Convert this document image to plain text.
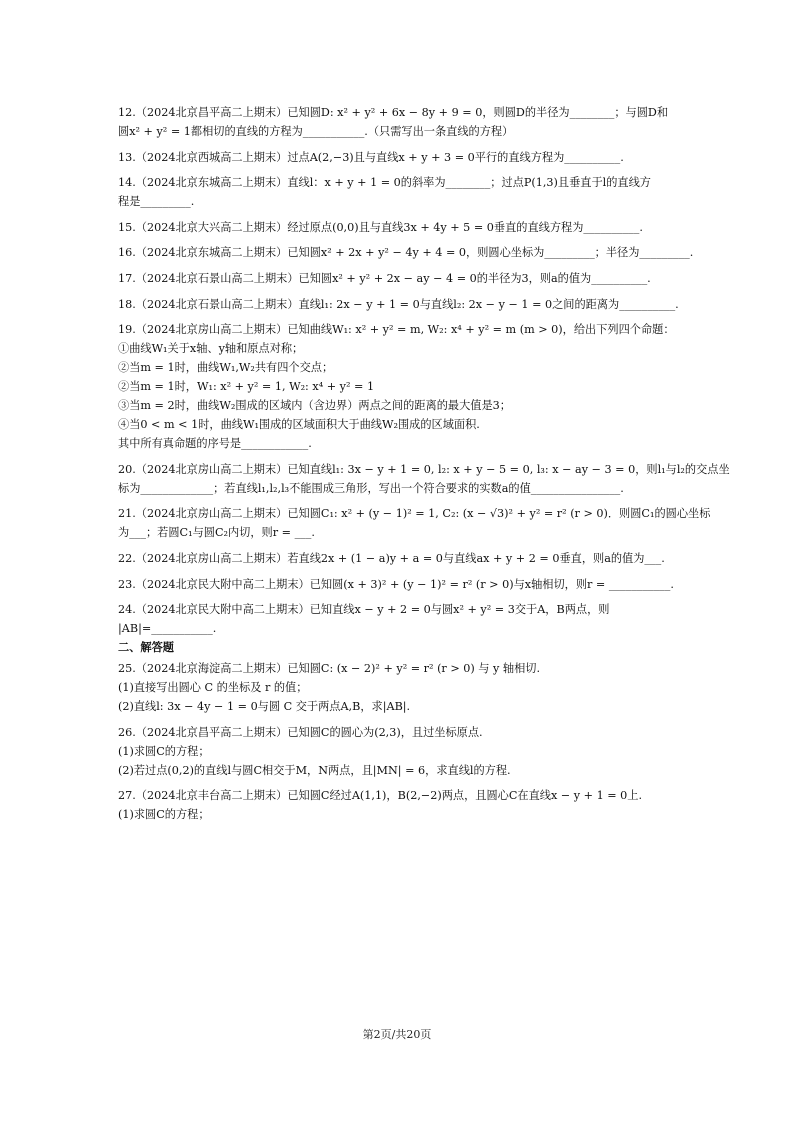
12.（2024北京昌平高二上期末）已知圆D: x² + y² + 6x − 8y + 9 = 0，则圆D的半径为________；与圆D和
圆x² + y² = 1都相切的直线的方程为___________.（只需写出一条直线的方程）
13.（2024北京西城高二上期末）过点A(2,−3)且与直线x + y + 3 = 0平行的直线方程为__________.
14.（2024北京东城高二上期末）直线l：x + y + 1 = 0的斜率为________；过点P(1,3)且垂直于l的直线方
程是_________.
15.（2024北京大兴高二上期末）经过原点(0,0)且与直线3x + 4y + 5 = 0垂直的直线方程为__________.
16.（2024北京东城高二上期末）已知圆x² + 2x + y² − 4y + 4 = 0，则圆心坐标为_________；半径为_________.
17.（2024北京石景山高二上期末）已知圆x² + y² + 2x − ay − 4 = 0的半径为3，则a的值为__________.
18.（2024北京石景山高二上期末）直线l₁: 2x − y + 1 = 0与直线l₂: 2x − y − 1 = 0之间的距离为__________.
19.（2024北京房山高二上期末）已知曲线W₁: x² + y² = m, W₂: x⁴ + y² = m (m > 0)，给出下列四个命题：
①曲线W₁关于x轴、y轴和原点对称；
②当m = 1时，曲线W₁,W₂共有四个交点；
②当m = 1时，W₁: x² + y² = 1, W₂: x⁴ + y² = 1
③当m = 2时，曲线W₂围成的区域内（含边界）两点之间的距离的最大值是3；
④当0 < m < 1时，曲线W₁围成的区域面积大于曲线W₂围成的区域面积.
其中所有真命题的序号是____________.
20.（2024北京房山高二上期末）已知直线l₁: 3x − y + 1 = 0, l₂: x + y − 5 = 0, l₃: x − ay − 3 = 0，则l₁与l₂的交点坐
标为_____________；若直线l₁,l₂,l₃不能围成三角形，写出一个符合要求的实数a的值________________.
21.（2024北京房山高二上期末）已知圆C₁: x² + (y − 1)² = 1, C₂: (x − √3)² + y² = r² (r > 0)．则圆C₁的圆心坐标
为___；若圆C₁与圆C₂内切，则r = ___.
22.（2024北京房山高二上期末）若直线2x + (1 − a)y + a = 0与直线ax + y + 2 = 0垂直，则a的值为___.
23.（2024北京民大附中高二上期末）已知圆(x + 3)² + (y − 1)² = r² (r > 0)与x轴相切，则r = ___________.
24.（2024北京民大附中高二上期末）已知直线x − y + 2 = 0与圆x² + y² = 3交于A，B两点，则
|AB|=___________.
二、解答题
25.（2024北京海淀高二上期末）已知圆C: (x − 2)² + y² = r² (r > 0) 与 y 轴相切.
(1)直接写出圆心 C 的坐标及 r 的值；
(2)直线l: 3x − 4y − 1 = 0与圆 C 交于两点A,B，求|AB|.
26.（2024北京昌平高二上期末）已知圆C的圆心为(2,3)，且过坐标原点.
(1)求圆C的方程；
(2)若过点(0,2)的直线l与圆C相交于M，N两点，且|MN| = 6，求直线l的方程.
27.（2024北京丰台高二上期末）已知圆C经过A(1,1)，B(2,−2)两点，且圆心C在直线x − y + 1 = 0上.
(1)求圆C的方程；
第2页/共20页
